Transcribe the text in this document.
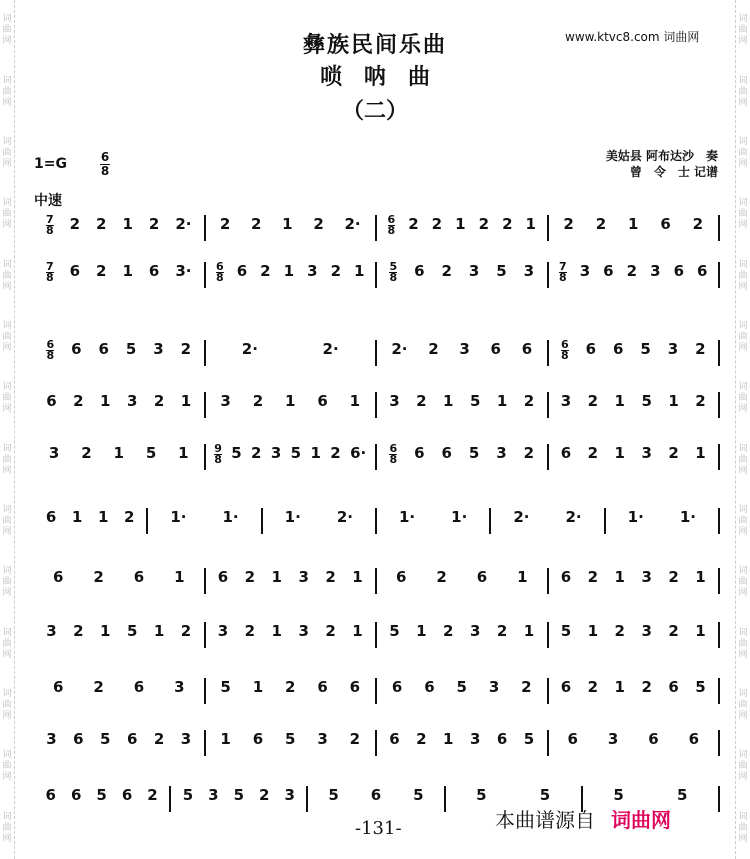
词
曲
网
词
曲
网
词
曲
网
词
曲
网
词
曲
网
词
曲
网
词
曲
网
词
曲
网
词
曲
网
词
曲
网
词
曲
网
词
曲
网
词
曲
网
词
曲
网
词
曲
网
词
曲
网
词
曲
网
词
曲
网
词
曲
网
词
曲
网
词
曲
网
词
曲
网
词
曲
网
词
曲
网
词
曲
网
词
曲
网
词
曲
网
词
曲
网
彝族民间乐曲
唢　呐　曲
（二）
www.ktvc8.com 词曲网
1=G	6
8
美姑县 阿布达沙　奏
曾　令　士 记谱
中速
7

8 2 2 1 2 2· 2 2 1 2 2· 6

8 2 2 1 2 2 1 2 2 1 6 2
7

8 6 2 1 6 3· 6

8 6 2 1 3 2 1 5

8 6 2 3 5 3 7

8 3 6 2 3 6 6
6

8 6 6 5 3 2	2·	2·	2· 2 3 6 6	6

8 6 6 5 3 2
6 2 1 3 2 1 3 2 1 6 1 3 2 1 5 1 2 3 2 1 5 1 2
3 2 1 5 1 9

8 5 2 3 5 1 2 6· 6

8 6 6 5 3 2 6 2 1 3 2 1
6 1 1 2 1· 1·	1· 2·	1· 1·	2· 2·	1· 1·
6 2 6 1 6 2 1 3 2 1 6 2 6 1 6 2 1 3 2 1
3 2 1 5 1 2 3 2 1 3 2 1 5 1 2 3 2 1 5 1 2 3 2 1
6 2 6 3 5 1 2 6 6 6 6 5 3 2 6 2 1 2 6 5
3 6 5 6 2 3 1 6 5 3 2 6 2 1 3 6 5 6 3 6 6
6 6 5 6 2 5 3 5 2 3 5 6 5	5	5	5	5
-131-	本曲谱源自 词曲网
